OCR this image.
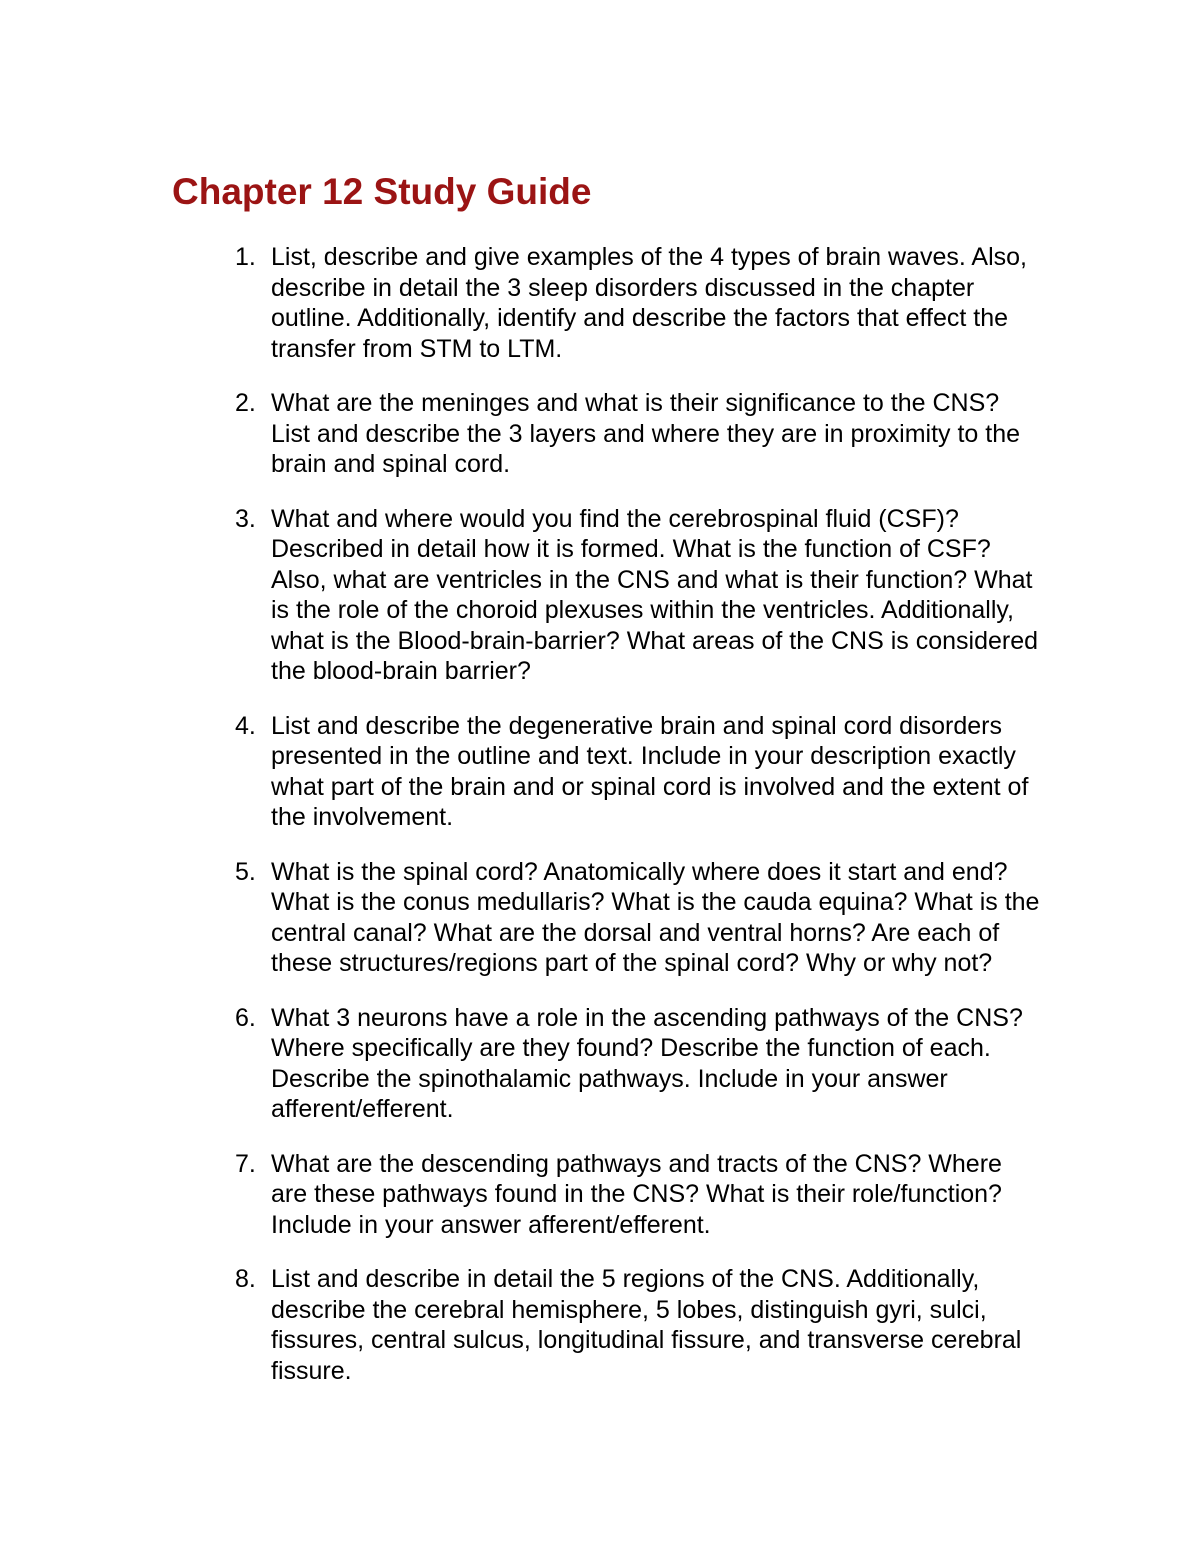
Chapter 12 Study Guide
1. List, describe and give examples of the 4 types of brain waves. Also, describe in detail the 3 sleep disorders discussed in the chapter outline. Additionally, identify and describe the factors that effect the transfer from STM to LTM.
2. What are the meninges and what is their significance to the CNS? List and describe the 3 layers and where they are in proximity to the brain and spinal cord.
3. What and where would you find the cerebrospinal fluid (CSF)? Described in detail how it is formed. What is the function of CSF? Also, what are ventricles in the CNS and what is their function? What is the role of the choroid plexuses within the ventricles. Additionally, what is the Blood-brain-barrier? What areas of the CNS is considered the blood-brain barrier?
4. List and describe the degenerative brain and spinal cord disorders presented in the outline and text. Include in your description exactly what part of the brain and or spinal cord is involved and the extent of the involvement.
5. What is the spinal cord? Anatomically where does it start and end? What is the conus medullaris? What is the cauda equina? What is the central canal? What are the dorsal and ventral horns? Are each of these structures/regions part of the spinal cord? Why or why not?
6. What 3 neurons have a role in the ascending pathways of the CNS? Where specifically are they found? Describe the function of each. Describe the spinothalamic pathways. Include in your answer afferent/efferent.
7. What are the descending pathways and tracts of the CNS? Where are these pathways found in the CNS? What is their role/function? Include in your answer afferent/efferent.
8. List and describe in detail the 5 regions of the CNS. Additionally, describe the cerebral hemisphere, 5 lobes, distinguish gyri, sulci, fissures, central sulcus, longitudinal fissure, and transverse cerebral fissure.
